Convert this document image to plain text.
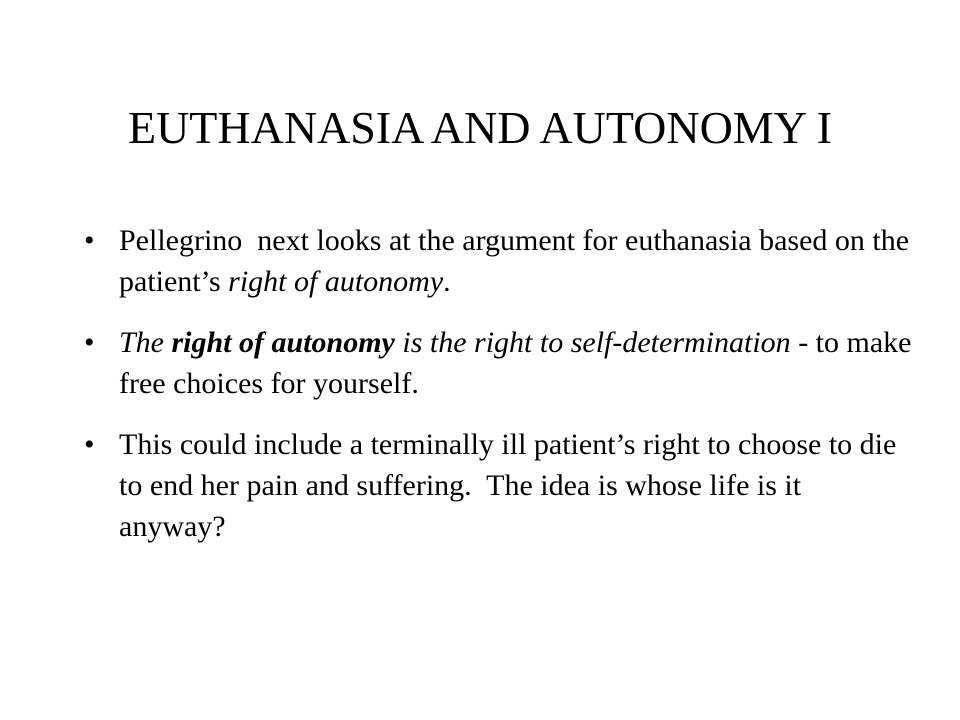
EUTHANASIA AND AUTONOMY I
• Pellegrino  next looks at the argument for euthanasia based on the patient’s right of autonomy.
• The right of autonomy is the right to self-determination - to make free choices for yourself.
• This could include a terminally ill patient’s right to choose to die to end her pain and suffering.  The idea is whose life is it anyway?
